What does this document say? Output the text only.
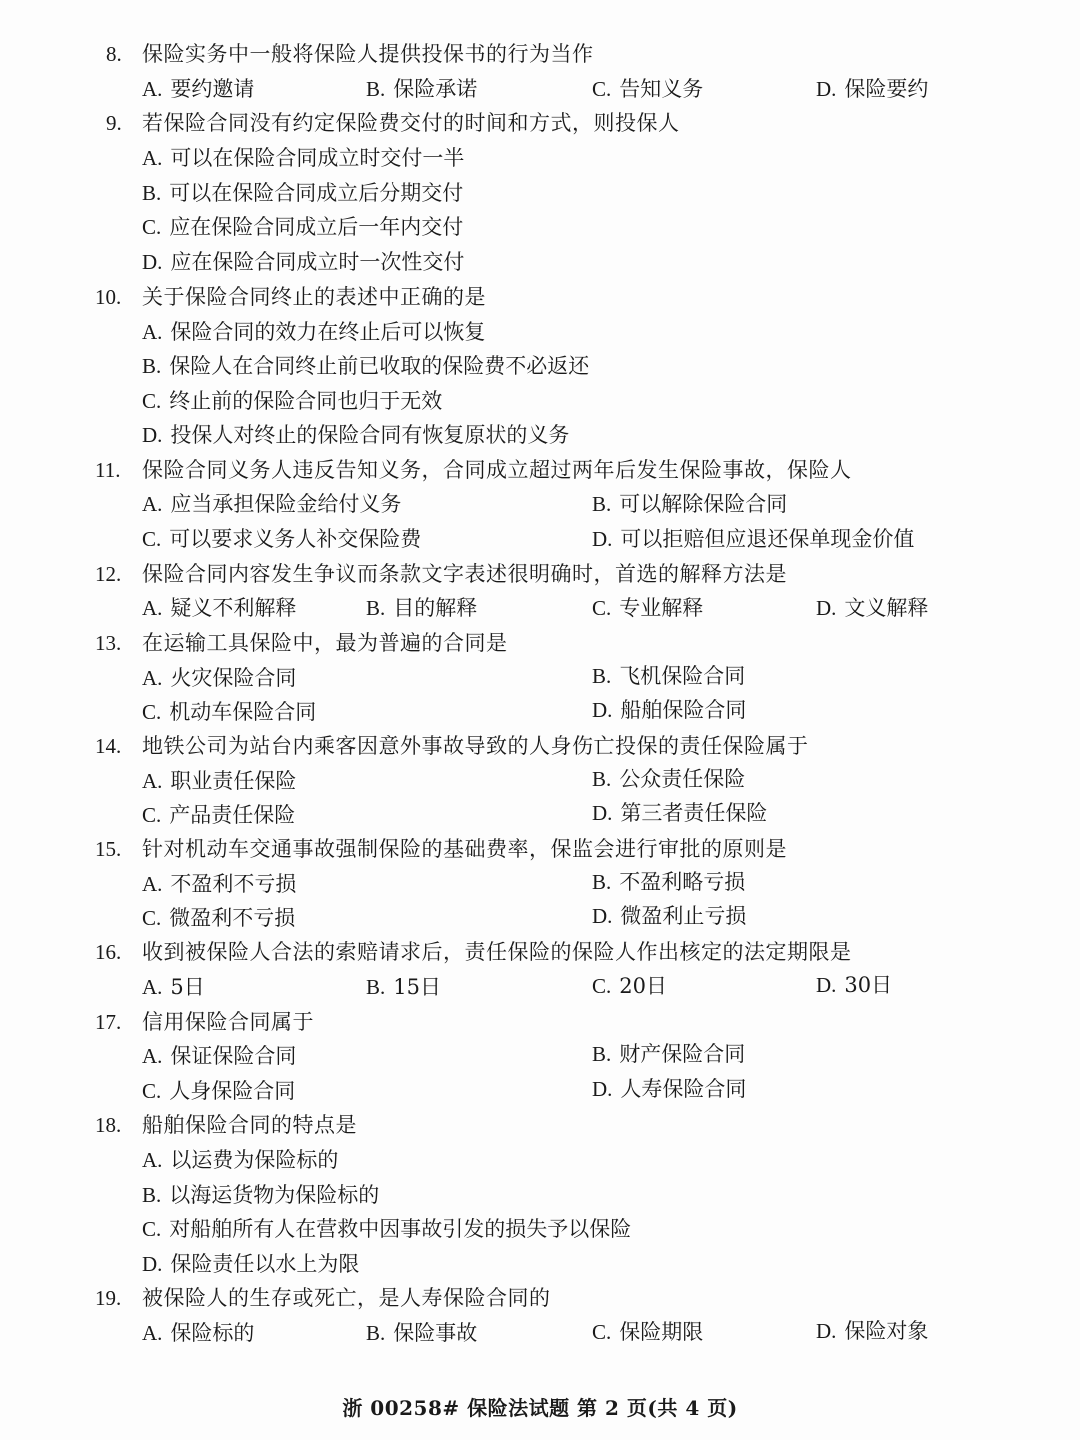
8. 保险实务中一般将保险人提供投保书的行为当作
A. 要约邀请	B. 保险承诺	C. 告知义务	D. 保险要约
9. 若保险合同没有约定保险费交付的时间和方式，则投保人
A. 可以在保险合同成立时交付一半
B. 可以在保险合同成立后分期交付
C. 应在保险合同成立后一年内交付
D. 应在保险合同成立时一次性交付
10. 关于保险合同终止的表述中正确的是
A. 保险合同的效力在终止后可以恢复
B. 保险人在合同终止前已收取的保险费不必返还
C. 终止前的保险合同也归于无效
D. 投保人对终止的保险合同有恢复原状的义务
11. 保险合同义务人违反告知义务，合同成立超过两年后发生保险事故，保险人
A. 应当承担保险金给付义务	B. 可以解除保险合同
C. 可以要求义务人补交保险费	D. 可以拒赔但应退还保单现金价值
12. 保险合同内容发生争议而条款文字表述很明确时，首选的解释方法是
A. 疑义不利解释	B. 目的解释	C. 专业解释	D. 文义解释
13. 在运输工具保险中，最为普遍的合同是
A. 火灾保险合同	B. 飞机保险合同
C. 机动车保险合同	D. 船舶保险合同
14. 地铁公司为站台内乘客因意外事故导致的人身伤亡投保的责任保险属于
A. 职业责任保险	B. 公众责任保险
C. 产品责任保险	D. 第三者责任保险
15. 针对机动车交通事故强制保险的基础费率，保监会进行审批的原则是
A. 不盈利不亏损	B. 不盈利略亏损
C. 微盈利不亏损	D. 微盈利止亏损
16. 收到被保险人合法的索赔请求后，责任保险的保险人作出核定的法定期限是
A. 5日	B. 15日	C. 20日	D. 30日
17. 信用保险合同属于
A. 保证保险合同	B. 财产保险合同
C. 人身保险合同	D. 人寿保险合同
18. 船舶保险合同的特点是
A. 以运费为保险标的
B. 以海运货物为保险标的
C. 对船舶所有人在营救中因事故引发的损失予以保险
D. 保险责任以水上为限
19. 被保险人的生存或死亡，是人寿保险合同的
A. 保险标的	B. 保险事故	C. 保险期限	D. 保险对象
浙 00258# 保险法试题 第 2 页(共 4 页)
